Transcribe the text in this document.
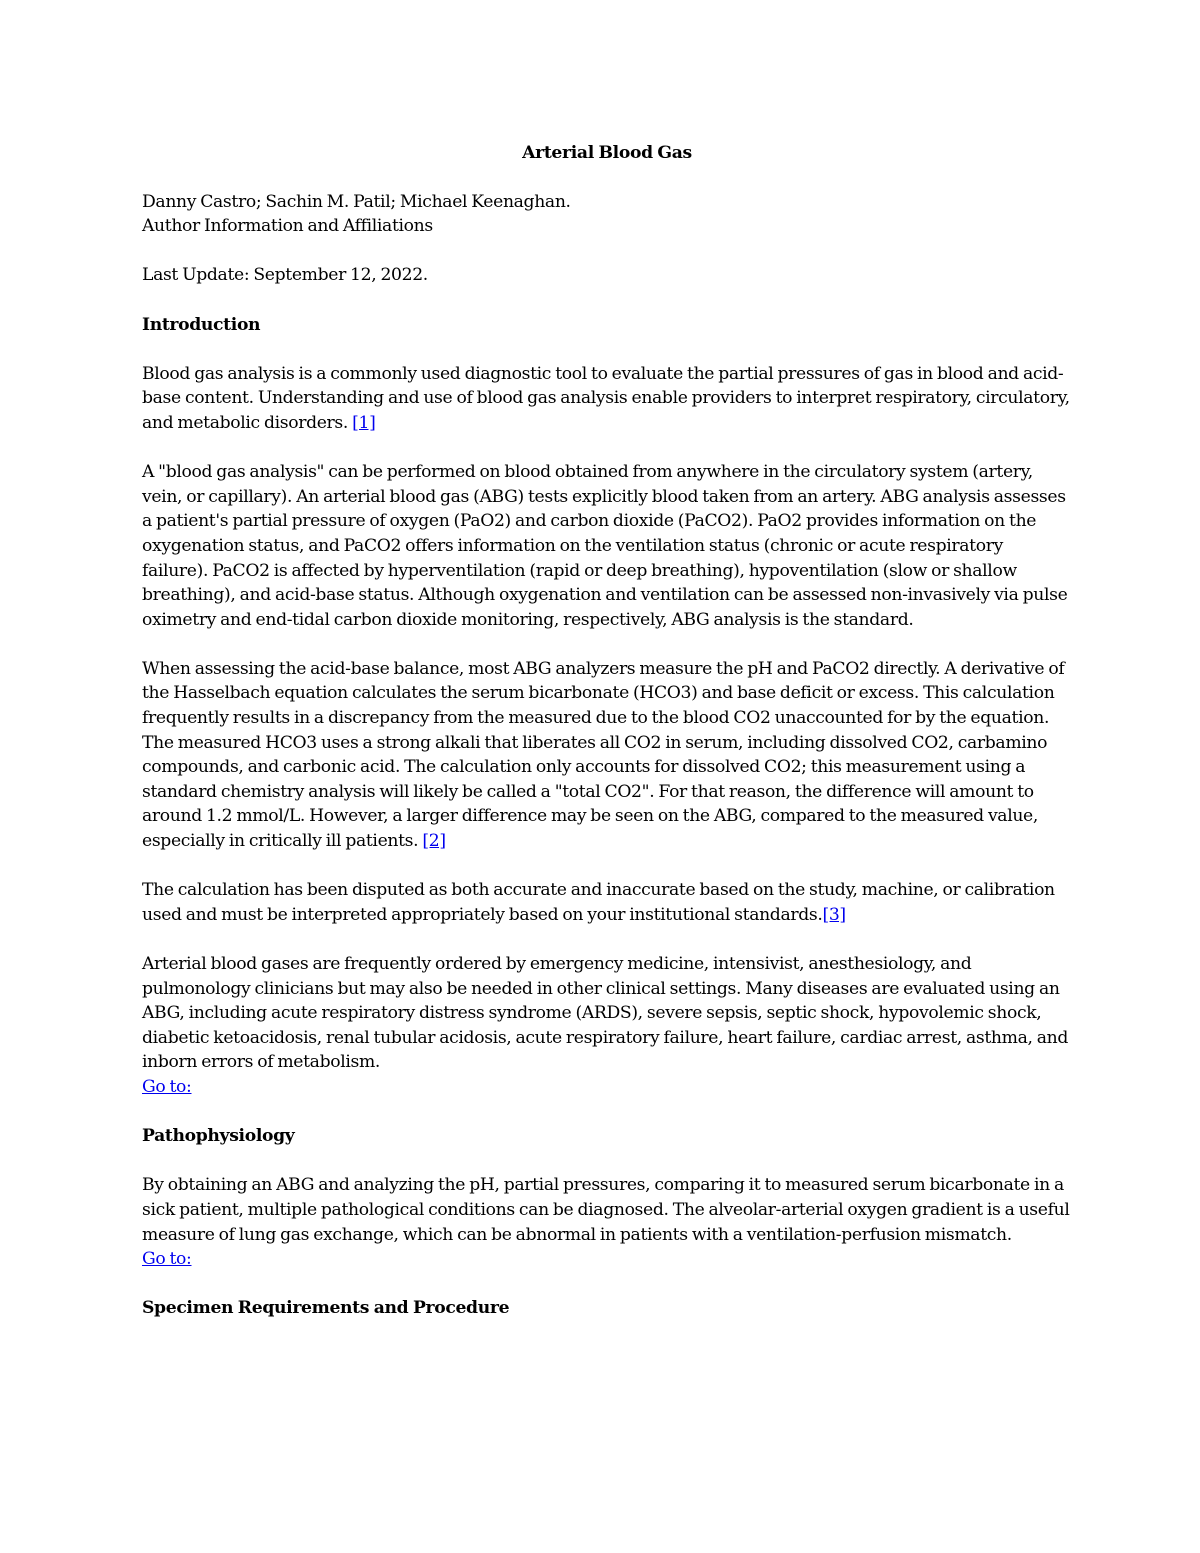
Arterial Blood Gas

Danny Castro; Sachin M. Patil; Michael Keenaghan.

Author Information and Affiliations

Last Update: September 12, 2022.

Introduction

Blood gas analysis is a commonly used diagnostic tool to evaluate the partial pressures of gas in blood and acid-base content. Understanding and use of blood gas analysis enable providers to interpret respiratory, circulatory, and metabolic disorders. [1]

A "blood gas analysis" can be performed on blood obtained from anywhere in the circulatory system (artery, vein, or capillary). An arterial blood gas (ABG) tests explicitly blood taken from an artery. ABG analysis assesses a patient's partial pressure of oxygen (PaO2) and carbon dioxide (PaCO2). PaO2 provides information on the oxygenation status, and PaCO2 offers information on the ventilation status (chronic or acute respiratory failure). PaCO2 is affected by hyperventilation (rapid or deep breathing), hypoventilation (slow or shallow breathing), and acid-base status. Although oxygenation and ventilation can be assessed non-invasively via pulse oximetry and end-tidal carbon dioxide monitoring, respectively, ABG analysis is the standard.

When assessing the acid-base balance, most ABG analyzers measure the pH and PaCO2 directly. A derivative of the Hasselbach equation calculates the serum bicarbonate (HCO3) and base deficit or excess. This calculation frequently results in a discrepancy from the measured due to the blood CO2 unaccounted for by the equation. The measured HCO3 uses a strong alkali that liberates all CO2 in serum, including dissolved CO2, carbamino compounds, and carbonic acid. The calculation only accounts for dissolved CO2; this measurement using a standard chemistry analysis will likely be called a "total CO2". For that reason, the difference will amount to around 1.2 mmol/L. However, a larger difference may be seen on the ABG, compared to the measured value, especially in critically ill patients. [2]

The calculation has been disputed as both accurate and inaccurate based on the study, machine, or calibration used and must be interpreted appropriately based on your institutional standards.[3]

Arterial blood gases are frequently ordered by emergency medicine, intensivist, anesthesiology, and pulmonology clinicians but may also be needed in other clinical settings. Many diseases are evaluated using an ABG, including acute respiratory distress syndrome (ARDS), severe sepsis, septic shock, hypovolemic shock, diabetic ketoacidosis, renal tubular acidosis, acute respiratory failure, heart failure, cardiac arrest, asthma, and inborn errors of metabolism.

Go to:

Pathophysiology

By obtaining an ABG and analyzing the pH, partial pressures, comparing it to measured serum bicarbonate in a sick patient, multiple pathological conditions can be diagnosed. The alveolar-arterial oxygen gradient is a useful measure of lung gas exchange, which can be abnormal in patients with a ventilation-perfusion mismatch.

Go to:

Specimen Requirements and Procedure
